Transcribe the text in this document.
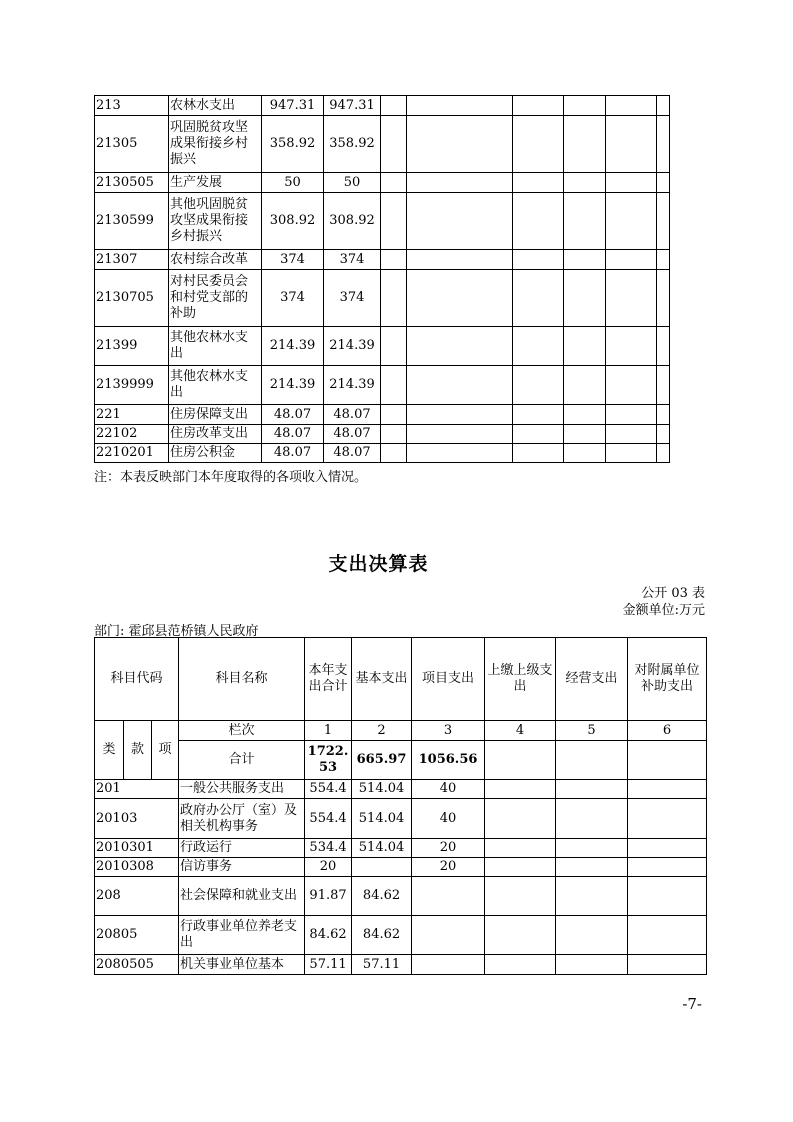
213	农林水支出	947.31	947.31						
21305	巩固脱贫攻坚成果衔接乡村振兴	358.92	358.92						
2130505	生产发展	50	50						
2130599	其他巩固脱贫攻坚成果衔接乡村振兴	308.92	308.92						
21307	农村综合改革	374	374						
2130705	对村民委员会和村党支部的补助	374	374						
21399	其他农林水支出	214.39	214.39						
2139999	其他农林水支出	214.39	214.39						
221	住房保障支出	48.07	48.07						
22102	住房改革支出	48.07	48.07						
2210201	住房公积金	48.07	48.07						
注：本表反映部门本年度取得的各项收入情况。
支出决算表
公开 03 表
金额单位:万元
部门: 霍邱县范桥镇人民政府
科目代码			科目名称	本年支出合计	基本支出	项目支出	上缴上级支出	经营支出	对附属单位补助支出
类	款	项	栏次	1	2	3	4	5	6
			合计	1722.53	665.97	1056.56			
201			一般公共服务支出	554.4	514.04	40			
20103			政府办公厅（室）及相关机构事务	554.4	514.04	40			
2010301			行政运行	534.4	514.04	20			
2010308			信访事务	20		20			
208			社会保障和就业支出	91.87	84.62				
20805			行政事业单位养老支出	84.62	84.62				
2080505			机关事业单位基本	57.11	57.11				
-7-
